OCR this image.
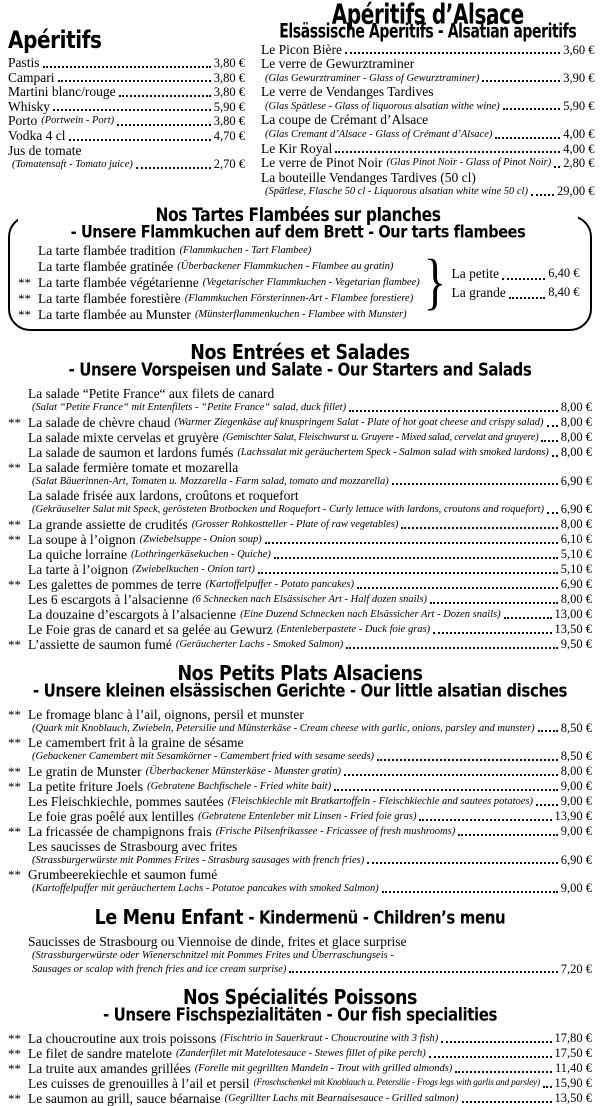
Apéritifs
Pastis	3,80 €
Campari	3,80 €
Martini blanc/rouge	3,80 €
Whisky	5,90 €
Porto (Portwein - Port)	3,80 €
Vodka 4 cl	4,70 €
Jus de tomate
(Tomatensaft - Tomato juice)	2,70 €
Apéritifs d’Alsace
Elsässische Aperitifs - Alsatian aperitifs
Le Picon Bière	3,60 €
Le verre de Gewurztraminer
(Glas Gewurztraminer - Glass of Gewurztraminer)	3,90 €
Le verre de Vendanges Tardives
(Glas Spätlese - Glass of liquorous alsatian withe wine)	5,90 €
La coupe de Crémant d’Alsace
(Glas Cremant d’Alsace - Glass of Crémant d’Alsace)	4,00 €
Le Kir Royal	4,00 €
Le verre de Pinot Noir (Glas Pinot Noir - Glass of Pinot Noir) 2,80 €
La bouteille Vendanges Tardives (50 cl)
(Spätlese, Flasche 50 cl - Liquorous alsatian white wine 50 cl) 29,00 €
Nos Tartes Flambées sur planches - Unsere Flammkuchen auf dem Brett - Our tarts flambees
La tarte flambée tradition (Flammkuchen - Tart Flambee)
La tarte flambée gratinée (Überbackener Flammkuchen - Flambee au gratin)
** La tarte flambée végétarienne (Vegetarischer Flammkuchen - Vegetarian flambee)
** La tarte flambée forestière (Flammkuchen Försterinnen-Art - Flambee forestiere)
** La tarte flambée au Munster (Münsterflammenkuchen - Flambee with Munster) } La petite	6,40 €
La grande	8,40 €
Nos Entrées et Salades - Unsere Vorspeisen und Salate - Our Starters and Salads
La salade “Petite France“ aux filets de canard
(Salat “Petite France“ mit Entenfilets - “Petite France“ salad, duck fillet)	8,00 €
** La salade de chèvre chaud (Warmer Ziegenkäse auf knuspringem Salat - Plate of hot goat cheese and crispy salad) 8,00 €
La salade mixte cervelas et gruyère (Gemischter Salat, Fleischwurst u. Gruyere - Mixed salad, cervelat and gruyere) 8,00 €
La salade de saumon et lardons fumés (Lachssalat mit geräuchertem Speck - Salmon salad with smoked lardons) 8,00 €
** La salade fermière tomate et mozarella
(Salat Bäuerinnen-Art, Tomaten u. Mozzarella - Farm salad, tomato and mozzarella)	6,90 €
La salade frisée aux lardons, croûtons et roquefort
(Gekräuselter Salat mit Speck, gerösteten Brotbocken und Roquefort - Curly lettuce with lardons, croutons and roquefort) 6,90 €
** La grande assiette de crudités (Grosser Rohkostteller - Plate of raw vegetables)	8,00 €
** La soupe à l’oignon (Zwiebelsuppe - Onion soup)	6,10 €
La quiche lorraine (Lothringerkäsekuchen - Quiche)	5,10 €
La tarte à l’oignon (Zwiebelkuchen - Onion tart)	5,10 €
** Les galettes de pommes de terre (Kartoffelpuffer - Potato pancakes)	6,90 €
Les 6 escargots à l’alsacienne (6 Schnecken nach Elsässischer Art - Half dozen snails)	8,00 €
La douzaine d’escargots à l’alsacienne (Eine Duzend Schnecken nach Elsässicher Art - Dozen snails)	13,00 €
Le Foie gras de canard et sa gelée au Gewurz (Entenleberpastete - Duck foie gras)	13,50 €
** L’assiette de saumon fumé (Geräucherter Lachs - Smoked Salmon)	9,50 €
Nos Petits Plats Alsaciens - Unsere kleinen elsässischen Gerichte - Our little alsatian disches
** Le fromage blanc à l’ail, oignons, persil et munster
(Quark mit Knoblauch, Zwiebeln, Petersilie und Münsterkäse - Cream cheese with garlic, onions, parsley and munster) 8,50 €
** Le camembert frit à la graine de sésame
(Gebackener Camembert mit Sesamkörner - Camembert fried with sesame seeds)	8,50 €
** Le gratin de Munster (Überbackener Münsterkäse - Munster gratin)	8,00 €
** La petite friture Joels (Gebratene Bachfischele - Fried white bait)	9,00 €
Les Fleischkiechle, pommes sautées (Fleischkiechle mit Bratkartoffeln - Fleischkiechle and sautees potatoes) 9,00 €
Le foie gras poêlé aux lentilles (Gebratene Entenleber mit Linsen - Fried foie gras)	13,90 €
** La fricassée de champignons frais (Frische Pilsenfrikassee - Fricassee of fresh mushrooms)	9,00 €
Les saucisses de Strasbourg avec frites
(Strassburgerwürste mit Pommes Frites - Strasburg sausages with french fries)	6,90 €
** Grumbeerekiechle et saumon fumé
(Kartoffelpuffer mit geräuchertem Lachs - Potatoe pancakes with smoked Salmon)	9,00 €
Le Menu Enfant - Kindermenü - Children’s menu
Saucisses de Strasbourg ou Viennoise de dinde, frites et glace surprise
(Strassburgerwürste oder Wienerschnitzel mit Pommes Frites und Überraschungseis -
Sausages or scalop with french fries and ice cream surprise)	7,20 €
Nos Spécialités Poissons - Unsere Fischspezialitäten - Our fish specialities
** La choucroutine aux trois poissons (Fischtrio in Sauerkraut - Choucroutine with 3 fish)	17,80 €
** Le filet de sandre matelote (Zanderfilet mit Matelotesauce - Stewes fillet of pike perch)	17,50 €
** La truite aux amandes grillées (Forelle mit gegrillten Mandeln - Trout with grilled almonds)	11,40 €
Les cuisses de grenouilles à l’ail et persil (Froschschenkel mit Knoblauch u. Petersilie - Frogs legs with garlis and parsley) 15,90 €
** Le saumon au grill, sauce béarnaise (Gegrillter Lachs mit Bearnaisesauce - Grilled salmon)	13,50 €
